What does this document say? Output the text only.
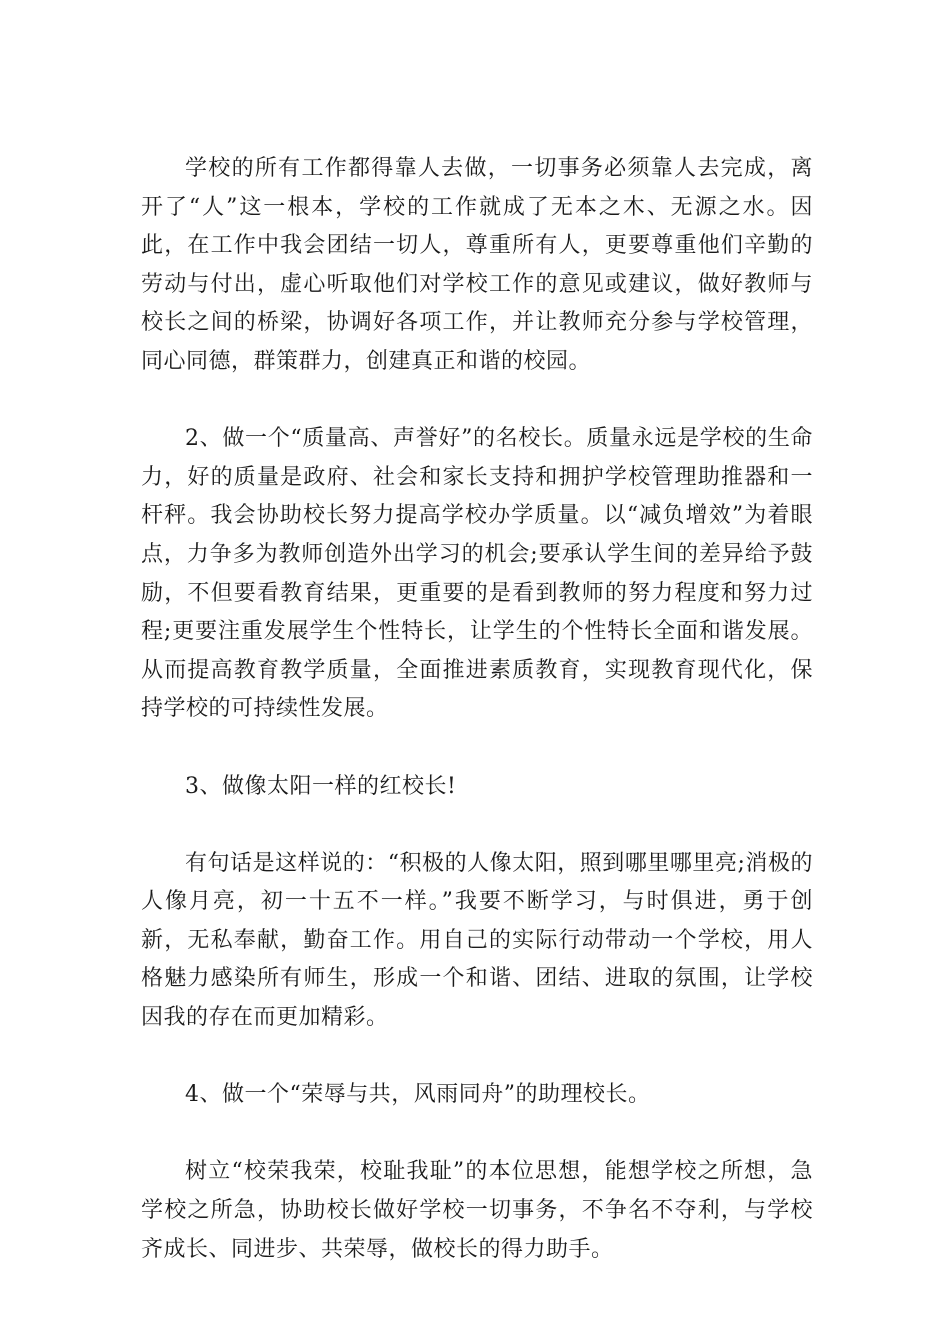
学校的所有工作都得靠人去做，一切事务必须靠人去完成，离开了“人”这一根本，学校的工作就成了无本之木、无源之水。因此，在工作中我会团结一切人，尊重所有人，更要尊重他们辛勤的劳动与付出，虚心听取他们对学校工作的意见或建议，做好教师与校长之间的桥梁，协调好各项工作，并让教师充分参与学校管理，同心同德，群策群力，创建真正和谐的校园。

2、做一个“质量高、声誉好”的名校长。质量永远是学校的生命力，好的质量是政府、社会和家长支持和拥护学校管理助推器和一杆秤。我会协助校长努力提高学校办学质量。以“减负增效”为着眼点，力争多为教师创造外出学习的机会;要承认学生间的差异给予鼓励，不但要看教育结果，更重要的是看到教师的努力程度和努力过程;更要注重发展学生个性特长，让学生的个性特长全面和谐发展。从而提高教育教学质量，全面推进素质教育，实现教育现代化，保持学校的可持续性发展。

3、做像太阳一样的红校长!

有句话是这样说的：“积极的人像太阳，照到哪里哪里亮;消极的人像月亮，初一十五不一样。”我要不断学习，与时俱进，勇于创新，无私奉献，勤奋工作。用自己的实际行动带动一个学校，用人格魅力感染所有师生，形成一个和谐、团结、进取的氛围，让学校因我的存在而更加精彩。

4、做一个“荣辱与共，风雨同舟”的助理校长。

树立“校荣我荣，校耻我耻”的本位思想，能想学校之所想，急学校之所急，协助校长做好学校一切事务，不争名不夺利，与学校齐成长、同进步、共荣辱，做校长的得力助手。
